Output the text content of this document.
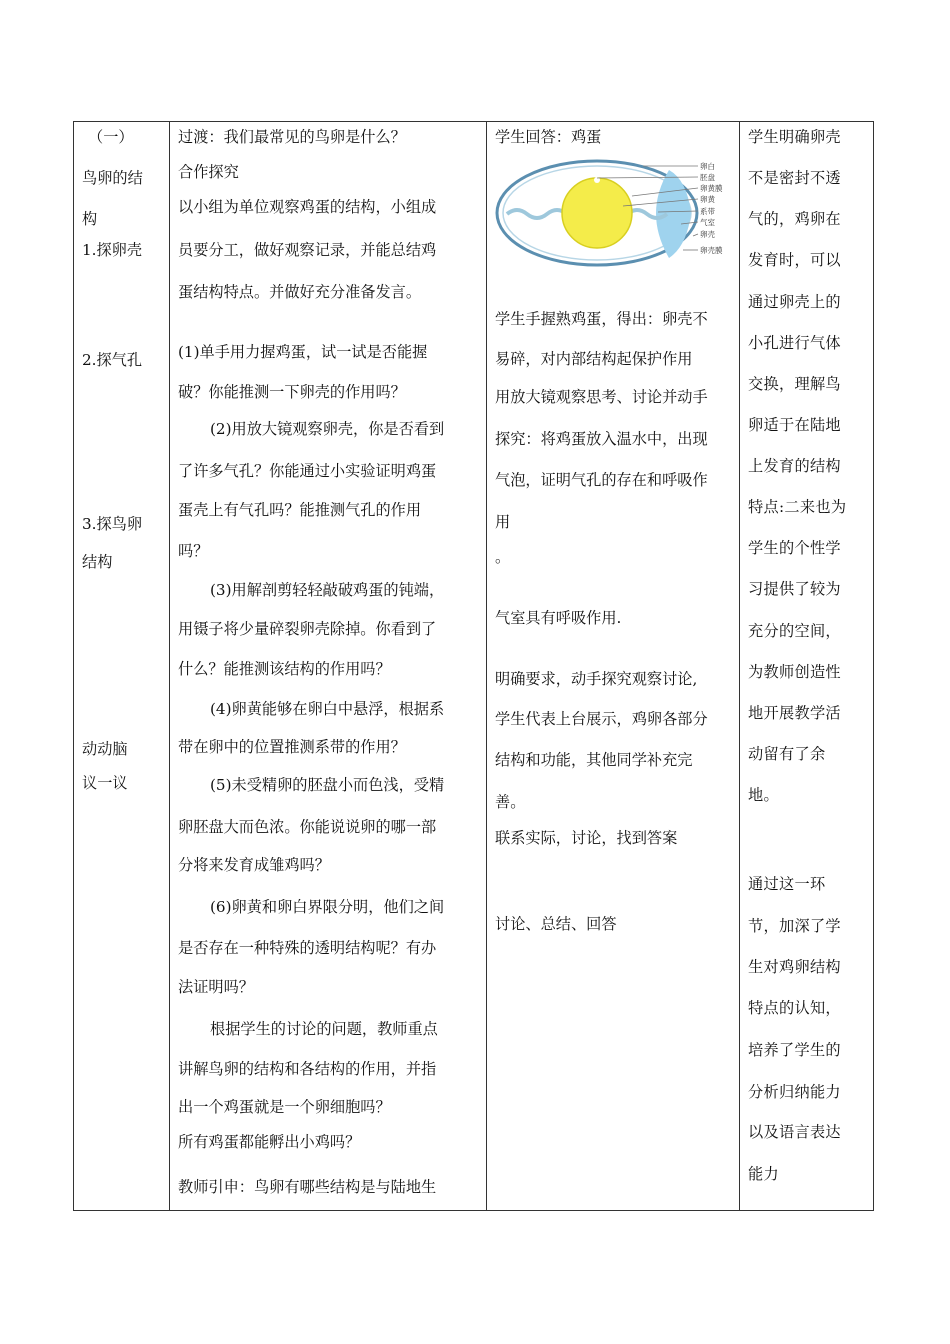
（一）
鸟卵的结
构
1.探卵壳
2.探气孔
3.探鸟卵
结构
动动脑
议一议

过渡：我们最常见的鸟卵是什么？
合作探究
以小组为单位观察鸡蛋的结构，小组成
员要分工，做好观察记录，并能总结鸡
蛋结构特点。并做好充分准备发言。
(1)单手用力握鸡蛋，试一试是否能握
破？你能推测一下卵壳的作用吗？
(2)用放大镜观察卵壳，你是否看到
了许多气孔？你能通过小实验证明鸡蛋
蛋壳上有气孔吗？能推测气孔的作用
吗？
(3)用解剖剪轻轻敲破鸡蛋的钝端，
用镊子将少量碎裂卵壳除掉。你看到了
什么？能推测该结构的作用吗？
(4)卵黄能够在卵白中悬浮，根据系
带在卵中的位置推测系带的作用？
(5)未受精卵的胚盘小而色浅，受精
卵胚盘大而色浓。你能说说卵的哪一部
分将来发育成雏鸡吗？
(6)卵黄和卵白界限分明，他们之间
是否存在一种特殊的透明结构呢？有办
法证明吗？
根据学生的讨论的问题，教师重点
讲解鸟卵的结构和各结构的作用，并指
出一个鸡蛋就是一个卵细胞吗？
所有鸡蛋都能孵出小鸡吗？
教师引申：鸟卵有哪些结构是与陆地生

学生回答：鸡蛋
卵白
胚盘
卵黄膜
卵黄
系带
气室
卵壳
卵壳膜
学生手握熟鸡蛋，得出：卵壳不
易碎，对内部结构起保护作用
用放大镜观察思考、讨论并动手
探究：将鸡蛋放入温水中，出现
气泡，证明气孔的存在和呼吸作
用
。
气室具有呼吸作用.
明确要求，动手探究观察讨论,
学生代表上台展示，鸡卵各部分
结构和功能，其他同学补充完
善。
联系实际，讨论，找到答案
讨论、总结、回答

学生明确卵壳
不是密封不透
气的，鸡卵在
发育时，可以
通过卵壳上的
小孔进行气体
交换，理解鸟
卵适于在陆地
上发育的结构
特点:二来也为
学生的个性学
习提供了较为
充分的空间，
为教师创造性
地开展教学活
动留有了余
地。
通过这一环
节，加深了学
生对鸡卵结构
特点的认知，
培养了学生的
分析归纳能力
以及语言表达
能力
